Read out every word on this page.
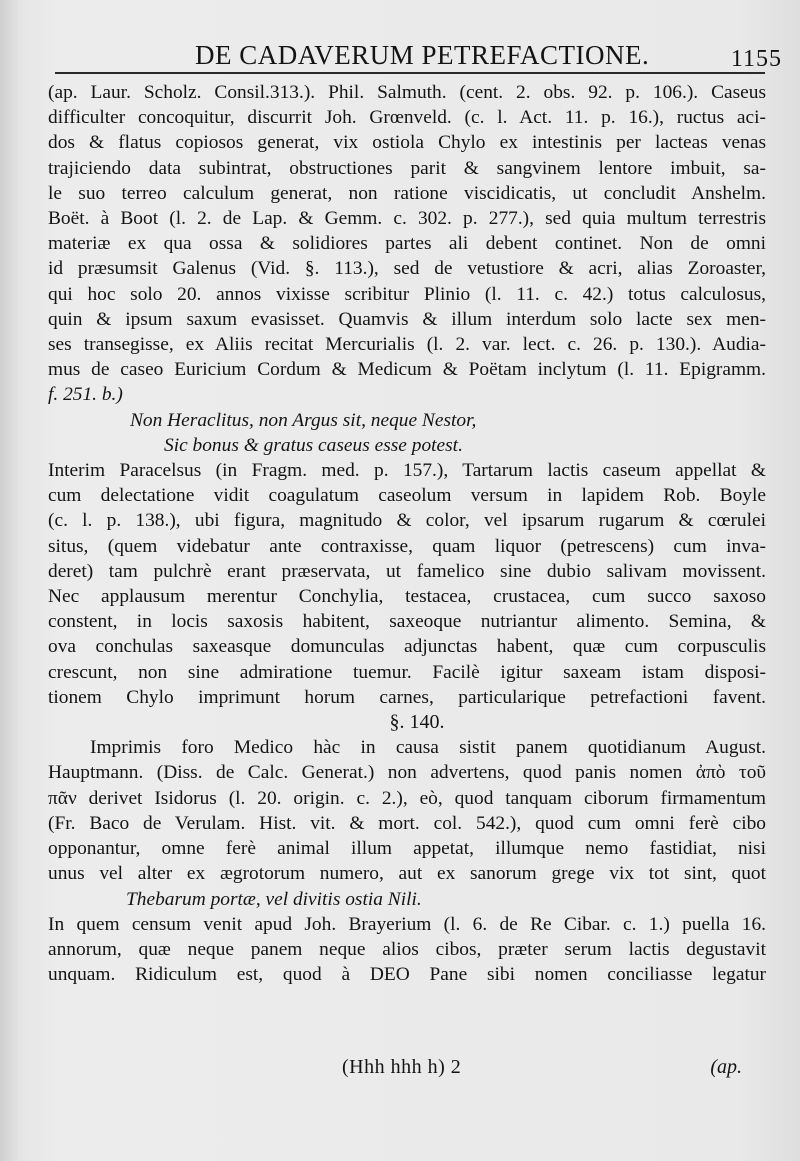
DE CADAVERUM PETREFACTIONE.	1155
(ap. Laur. Scholz. Consil.313.). Phil. Salmuth. (cent. 2. obs. 92. p. 106.). Caseus
difficulter concoquitur, discurrit Joh. Grœnveld. (c. l. Act. 11. p. 16.), ructus aci-
dos & flatus copiosos generat, vix ostiola Chylo ex intestinis per lacteas venas
trajiciendo data subintrat, obstructiones parit & sangvinem lentore imbuit, sa-
le suo terreo calculum generat, non ratione viscidicatis, ut concludit Anshelm.
Boët. à Boot (l. 2. de Lap. & Gemm. c. 302. p. 277.), sed quia multum terrestris
materiæ ex qua ossa & solidiores partes ali debent continet. Non de omni
id præsumsit Galenus (Vid. §. 113.), sed de vetustiore & acri, alias Zoroaster,
qui hoc solo 20. annos vixisse scribitur Plinio (l. 11. c. 42.) totus calculosus,
quin & ipsum saxum evasisset. Quamvis & illum interdum solo lacte sex men-
ses transegisse, ex Aliis recitat Mercurialis (l. 2. var. lect. c. 26. p. 130.). Audia-
mus de caseo Euricium Cordum & Medicum & Poëtam inclytum (l. 11. Epigramm.
f. 251. b.)
Non Heraclitus, non Argus sit, neque Nestor,
Sic bonus & gratus caseus esse potest.
Interim Paracelsus (in Fragm. med. p. 157.), Tartarum lactis caseum appellat &
cum delectatione vidit coagulatum caseolum versum in lapidem Rob. Boyle
(c. l. p. 138.), ubi figura, magnitudo & color, vel ipsarum rugarum & cœrulei
situs, (quem videbatur ante contraxisse, quam liquor (petrescens) cum inva-
deret) tam pulchrè erant præservata, ut famelico sine dubio salivam movissent.
Nec applausum merentur Conchylia, testacea, crustacea, cum succo saxoso
constent, in locis saxosis habitent, saxeoque nutriantur alimento. Semina, &
ova conchulas saxeasque domunculas adjunctas habent, quæ cum corpusculis
crescunt, non sine admiratione tuemur. Facilè igitur saxeam istam disposi-
tionem Chylo imprimunt horum carnes, particularique petrefactioni favent.
§. 140.
Imprimis foro Medico hàc in causa sistit panem quotidianum August.
Hauptmann. (Diss. de Calc. Generat.) non advertens, quod panis nomen ἀπὸ τοῦ
πᾶν derivet Isidorus (l. 20. origin. c. 2.), eò, quod tanquam ciborum firmamentum
(Fr. Baco de Verulam. Hist. vit. & mort. col. 542.), quod cum omni ferè cibo
opponantur, omne ferè animal illum appetat, illumque nemo fastidiat, nisi
unus vel alter ex ægrotorum numero, aut ex sanorum grege vix tot sint, quot
Thebarum portæ, vel divitis ostia Nili.
In quem censum venit apud Joh. Brayerium (l. 6. de Re Cibar. c. 1.) puella 16.
annorum, quæ neque panem neque alios cibos, præter serum lactis degustavit
unquam. Ridiculum est, quod à DEO Pane sibi nomen conciliasse legatur
(Hhh hhh h) 2	(ap.
